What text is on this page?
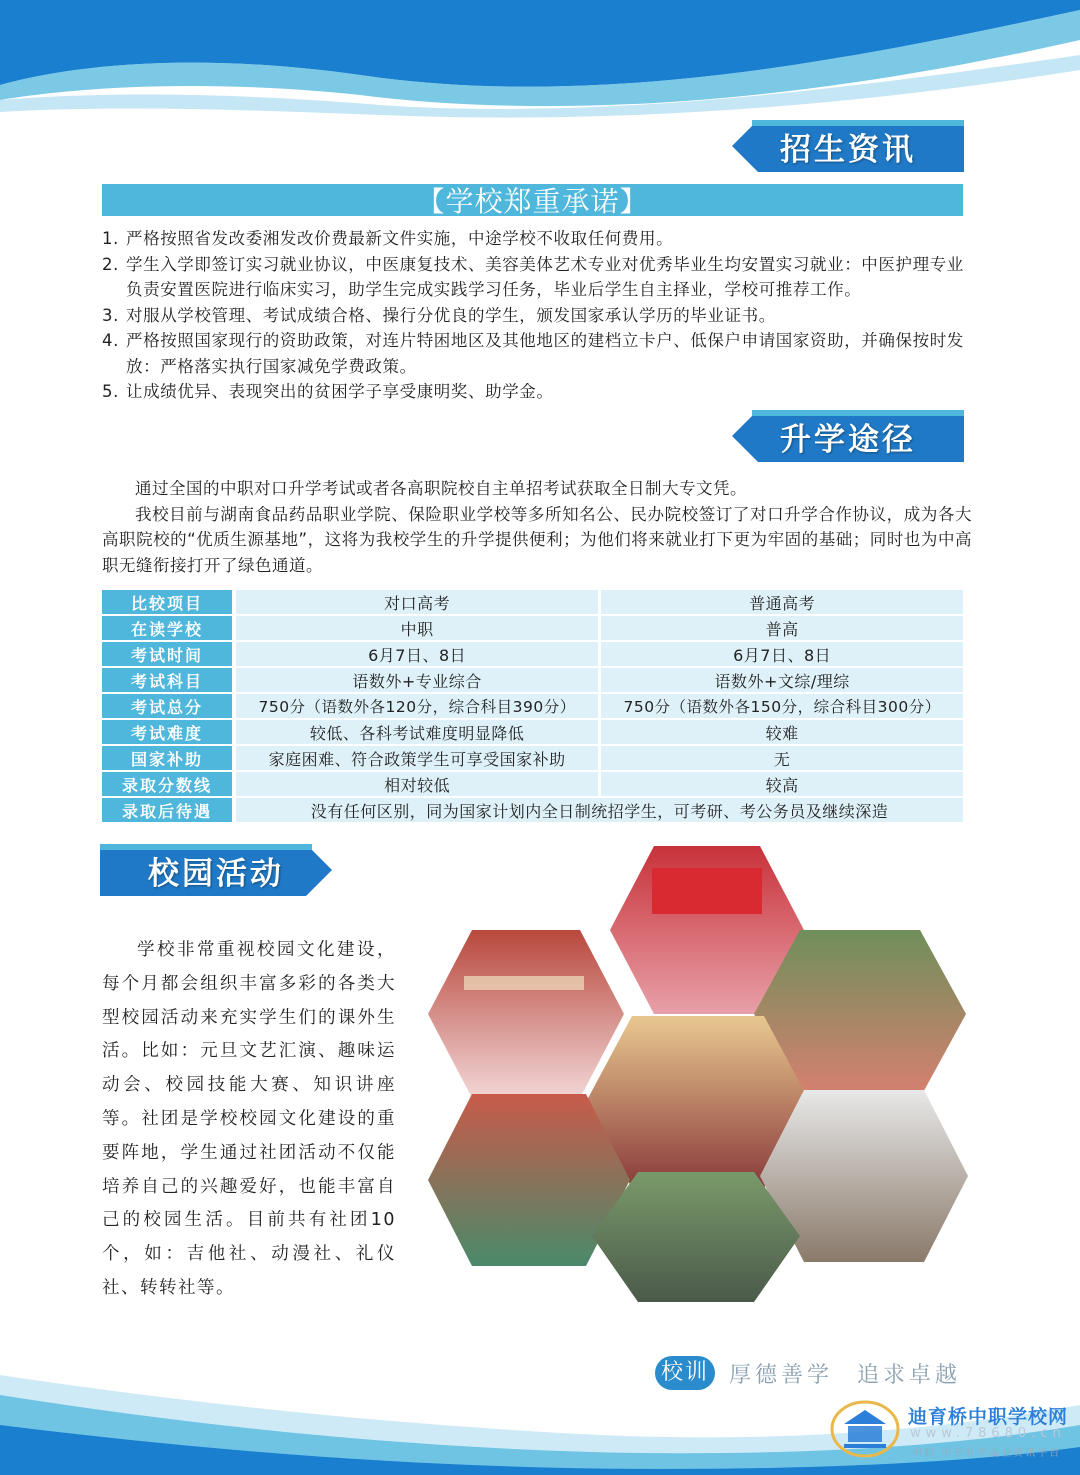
招生资讯
【学校郑重承诺】
1. 严格按照省发改委湘发改价费最新文件实施，中途学校不收取任何费用。
2. 学生入学即签订实习就业协议，中医康复技术、美容美体艺术专业对优秀毕业生均安置实习就业：中医护理专业负责安置医院进行临床实习，助学生完成实践学习任务，毕业后学生自主择业，学校可推荐工作。
3. 对服从学校管理、考试成绩合格、操行分优良的学生，颁发国家承认学历的毕业证书。
4. 严格按照国家现行的资助政策，对连片特困地区及其他地区的建档立卡户、低保户申请国家资助，并确保按时发放：严格落实执行国家减免学费政策。
5. 让成绩优异、表现突出的贫困学子享受康明奖、助学金。
升学途径

通过全国的中职对口升学考试或者各高职院校自主单招考试获取全日制大专文凭。

我校目前与湖南食品药品职业学院、保险职业学校等多所知名公、民办院校签订了对口升学合作协议，成为各大高职院校的“优质生源基地”，这将为我校学生的升学提供便利；为他们将来就业打下更为牢固的基础；同时也为中高职无缝衔接打开了绿色通道。

比较项目	对口高考	普通高考
在读学校	中职	普高
考试时间	6月7日、8日	6月7日、8日
考试科目	语数外+专业综合	语数外+文综/理综
考试总分	750分（语数外各120分，综合科目390分）	750分（语数外各150分，综合科目300分）
考试难度	较低、各科考试难度明显降低	较难
国家补助	家庭困难、符合政策学生可享受国家补助	无
录取分数线	相对较低	较高
录取后待遇	没有任何区别，同为国家计划内全日制统招学生，可考研、考公务员及继续深造	
校园活动

学校非常重视校园文化建设，每个月都会组织丰富多彩的各类大型校园活动来充实学生们的课外生活。比如：元旦文艺汇演、趣味运动会、校园技能大赛、知识讲座等。社团是学校校园文化建设的重要阵地，学生通过社团活动不仅能培养自己的兴趣爱好，也能丰富自己的校园生活。目前共有社团10个，如：吉他社、动漫社、礼仪社、转转社等。

校训 厚德善学 追求卓越
迪育桥中职学校网
www.78680.cn
中职 中专升学就业资讯平台
